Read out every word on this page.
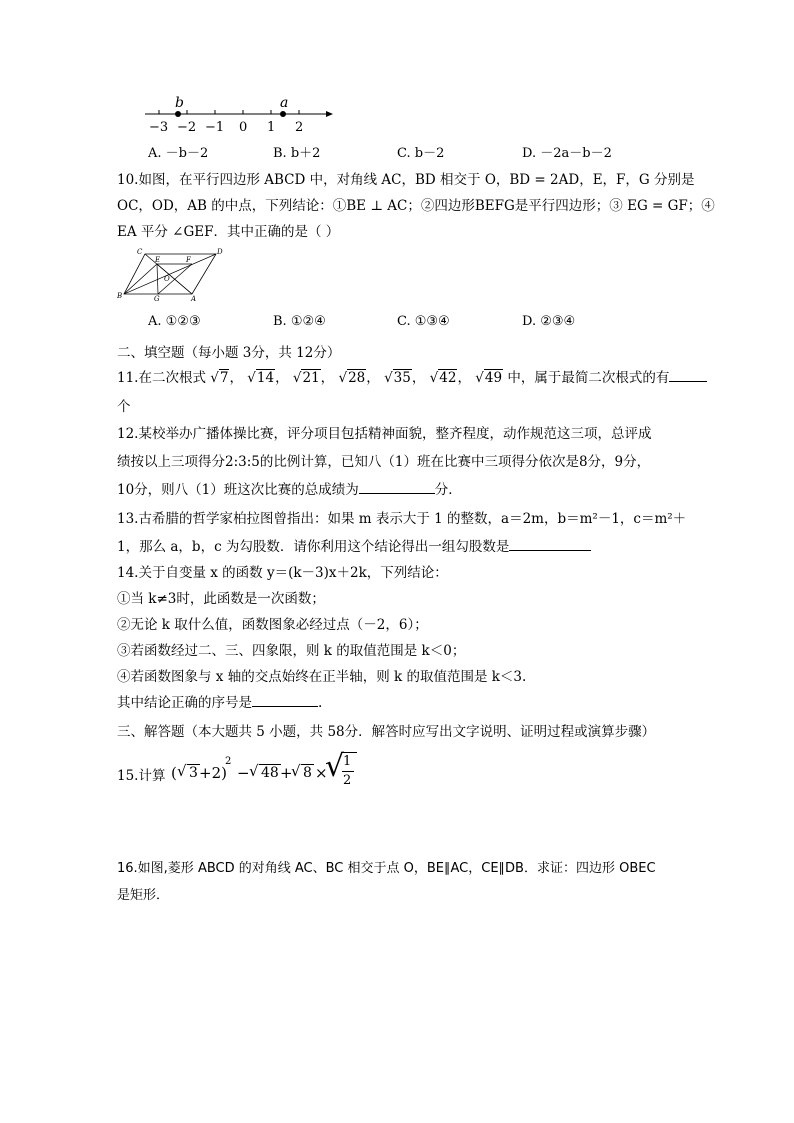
b	a
−3 −2 −1 0 1 2
A. －b－2	B. b＋2	C. b－2	D. －2a－b－2
10.如图，在平行四边形 ABCD 中，对角线 AC，BD 相交于 O，BD = 2AD，E，F，G 分别是
OC，OD，AB 的中点，下列结论：①BE ⊥ AC；②四边形BEFG是平行四边形；③ EG = GF；④
EA 平分 ∠GEF．其中正确的是（ ）
C	D
E	F
O
B	G	A
A. ①②③	B. ①②④	C. ①③④	D. ②③④
二、填空题（每小题 3分，共 12分）
11.在二次根式 √7， √14， √21， √28， √35， √42， √49 中，属于最简二次根式的有
个
12.某校举办广播体操比赛，评分项目包括精神面貌，整齐程度，动作规范这三项，总评成
绩按以上三项得分2:3:5的比例计算，已知八（1）班在比赛中三项得分依次是8分，9分，
10分，则八（1）班这次比赛的总成绩为	分．
13.古希腊的哲学家柏拉图曾指出：如果 m 表示大于 1 的整数，a＝2m，b＝m²－1，c＝m²＋
1，那么 a，b，c 为勾股数．请你利用这个结论得出一组勾股数是
14.关于自变量 x 的函数 y＝(k－3)x＋2k，下列结论：
①当 k≠3时，此函数是一次函数；
②无论 k 取什么值，函数图象必经过点（－2，6）；
③若函数经过二、三、四象限，则 k 的取值范围是 k＜0；
④若函数图象与 x 轴的交点始终在正半轴，则 k 的取值范围是 k＜3.
其中结论正确的序号是	.
三、解答题（本大题共 5 小题，共 58分．解答时应写出文字说明、证明过程或演算步骤）
15.计算 ( √ 3 +2)
2
− √ 48 +
√ 8 ×
√
1
2
16.如图,菱形 ABCD 的对角线 AC、BC 相交于点 O，BE∥AC，CE∥DB．求证：四边形 OBEC
是矩形．
